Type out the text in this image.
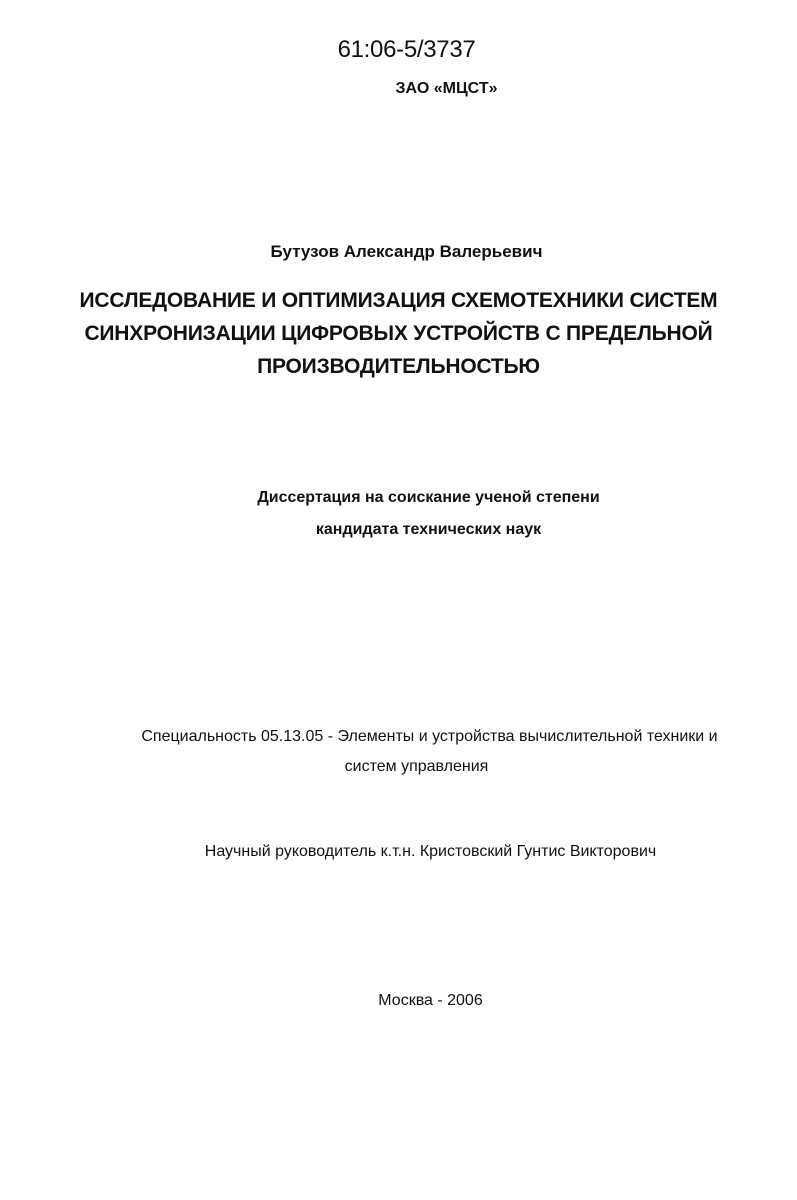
61:06-5/3737
ЗАО «МЦСТ»
Бутузов Александр Валерьевич
ИССЛЕДОВАНИЕ И ОПТИМИЗАЦИЯ СХЕМОТЕХНИКИ СИСТЕМ
СИНХРОНИЗАЦИИ ЦИФРОВЫХ УСТРОЙСТВ С ПРЕДЕЛЬНОЙ
ПРОИЗВОДИТЕЛЬНОСТЬЮ
Диссертация на соискание ученой степени
кандидата технических наук
Специальность 05.13.05 - Элементы и устройства вычислительной техники и
систем управления
Научный руководитель к.т.н. Кристовский Гунтис Викторович
Москва - 2006
